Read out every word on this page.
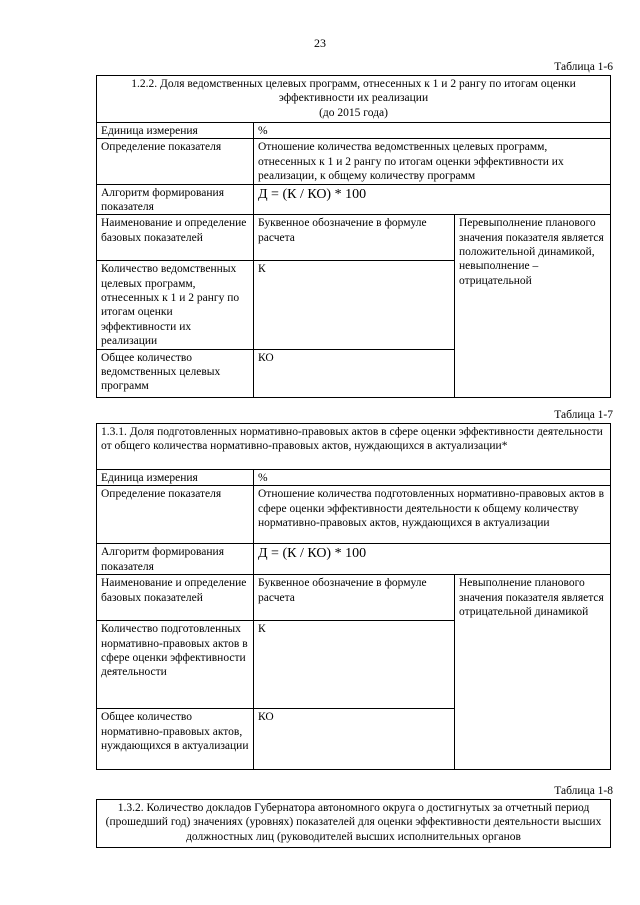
23
Таблица 1-6
1.2.2. Доля ведомственных целевых программ, отнесенных к 1 и 2 рангу по итогам оценки эффективности их реализации
(до 2015 года)		
Единица измерения	%	
Определение показателя	Отношение количества ведомственных целевых программ, отнесенных к 1 и 2 рангу по итогам оценки эффективности их реализации, к общему количеству программ	
Алгоритм формирования показателя	Д = (К / КО) * 100	
Наименование и определение базовых показателей	Буквенное обозначение в формуле расчета	Перевыполнение планового значения показателя является положительной динамикой, невыполнение – отрицательной
Количество ведомственных целевых программ, отнесенных к 1 и 2 рангу по итогам оценки эффективности их реализации	К	
Общее количество ведомственных целевых программ	КО	
Таблица 1-7
1.3.1. Доля подготовленных нормативно-правовых актов в сфере оценки эффективности деятельности от общего количества нормативно-правовых актов, нуждающихся в актуализации*		
Единица измерения	%	
Определение показателя	Отношение количества подготовленных нормативно-правовых актов в сфере оценки эффективности деятельности к общему количеству нормативно-правовых актов, нуждающихся в актуализации	
Алгоритм формирования показателя	Д = (К / КО) * 100	
Наименование и определение базовых показателей	Буквенное обозначение в формуле расчета	Невыполнение планового значения показателя является отрицательной динамикой
Количество подготовленных нормативно-правовых актов в сфере оценки эффективности деятельности	К	
Общее количество нормативно-правовых актов, нуждающихся в актуализации	КО	
Таблица 1-8
1.3.2. Количество докладов Губернатора автономного округа о достигнутых за отчетный период (прошедший год) значениях (уровнях) показателей для оценки эффективности деятельности высших должностных лиц (руководителей высших исполнительных органов
